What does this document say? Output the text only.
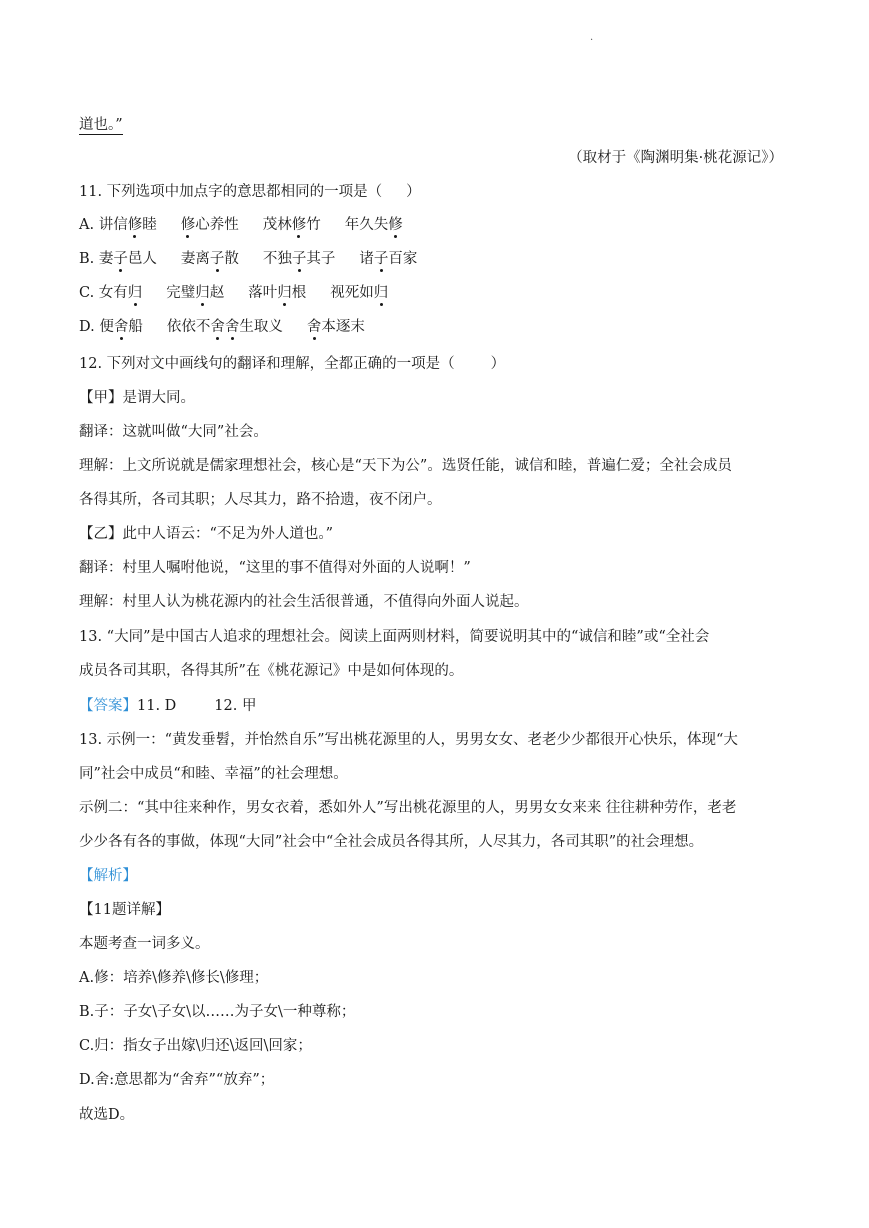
.
道也。”
（取材于《陶渊明集·桃花源记》）
11. 下列选项中加点字的意思都相同的一项是（ ）
A. 讲信修睦 修心养性 茂林修竹 年久失修
B. 妻子邑人 妻离子散 不独子其子 诸子百家
C. 女有归 完璧归赵 落叶归根 视死如归
D. 便舍船 依依不舍舍生取义 舍本逐末
12. 下列对文中画线句的翻译和理解，全都正确的一项是（ ）
【甲】是谓大同。
翻译：这就叫做“大同”社会。
理解：上文所说就是儒家理想社会，核心是“天下为公”。选贤任能，诚信和睦，普遍仁爱；全社会成员
各得其所，各司其职；人尽其力，路不拾遗，夜不闭户。
【乙】此中人语云：“不足为外人道也。”
翻译：村里人嘱咐他说，“这里的事不值得对外面的人说啊！”
理解：村里人认为桃花源内的社会生活很普通，不值得向外面人说起。
13. “大同”是中国古人追求的理想社会。阅读上面两则材料，简要说明其中的“诚信和睦”或“全社会
成员各司其职，各得其所”在《桃花源记》中是如何体现的。
【答案】11. D	12. 甲
13. 示例一：“黄发垂髫，并怡然自乐”写出桃花源里的人，男男女女、老老少少都很开心快乐，体现“大
同”社会中成员“和睦、幸福”的社会理想。
示例二：“其中往来种作，男女衣着，悉如外人”写出桃花源里的人，男男女女来来 往往耕种劳作，老老
少少各有各的事做，体现“大同”社会中“全社会成员各得其所，人尽其力，各司其职”的社会理想。
【解析】
【11题详解】
本题考查一词多义。
A.修：培养\修养\修长\修理；
B.子：子女\子女\以……为子女\一种尊称；
C.归：指女子出嫁\归还\返回\回家；
D.舍:意思都为“舍弃”“放弃”；
故选D。
